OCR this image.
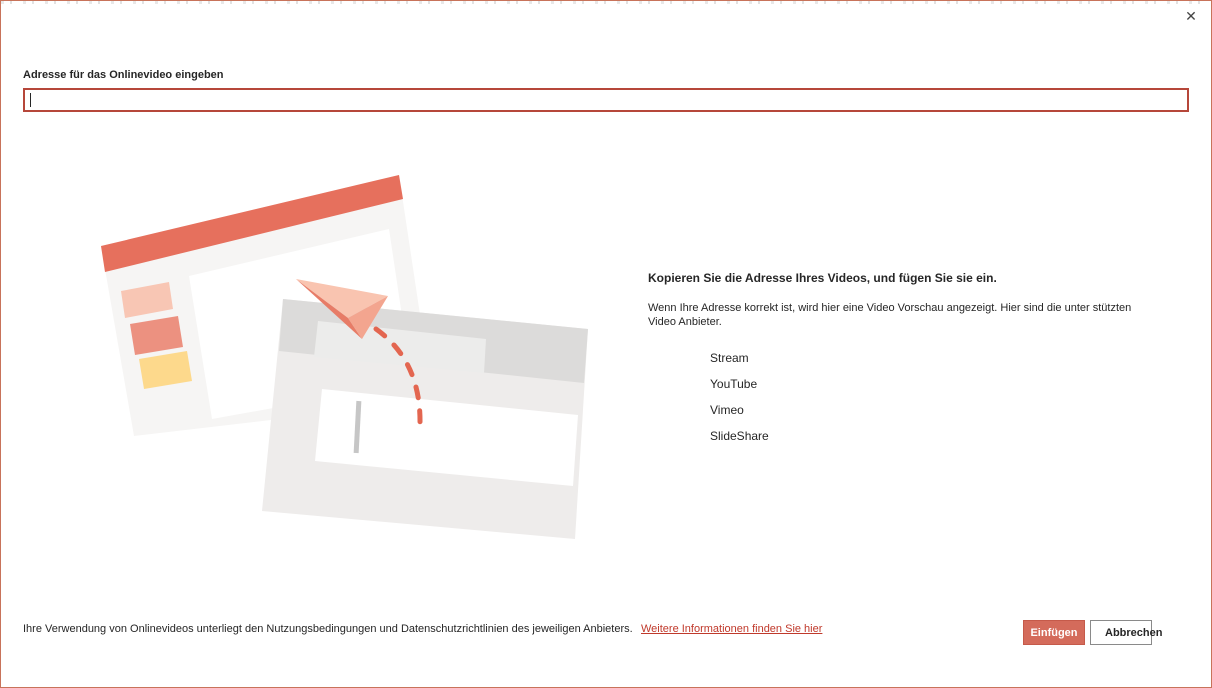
✕
Adresse für das Onlinevideo eingeben

Kopieren Sie die Adresse Ihres Videos, und fügen Sie sie ein.

Wenn Ihre Adresse korrekt ist, wird hier eine Video Vorschau angezeigt. Hier sind die unter stützten Video Anbieter.

Stream
YouTube
Vimeo
SlideShare
Ihre Verwendung von Onlinevideos unterliegt den Nutzungsbedingungen und Datenschutzrichtlinien des jeweiligen Anbieters. Weitere Informationen finden Sie hier	Einfügen	Abbrechen
